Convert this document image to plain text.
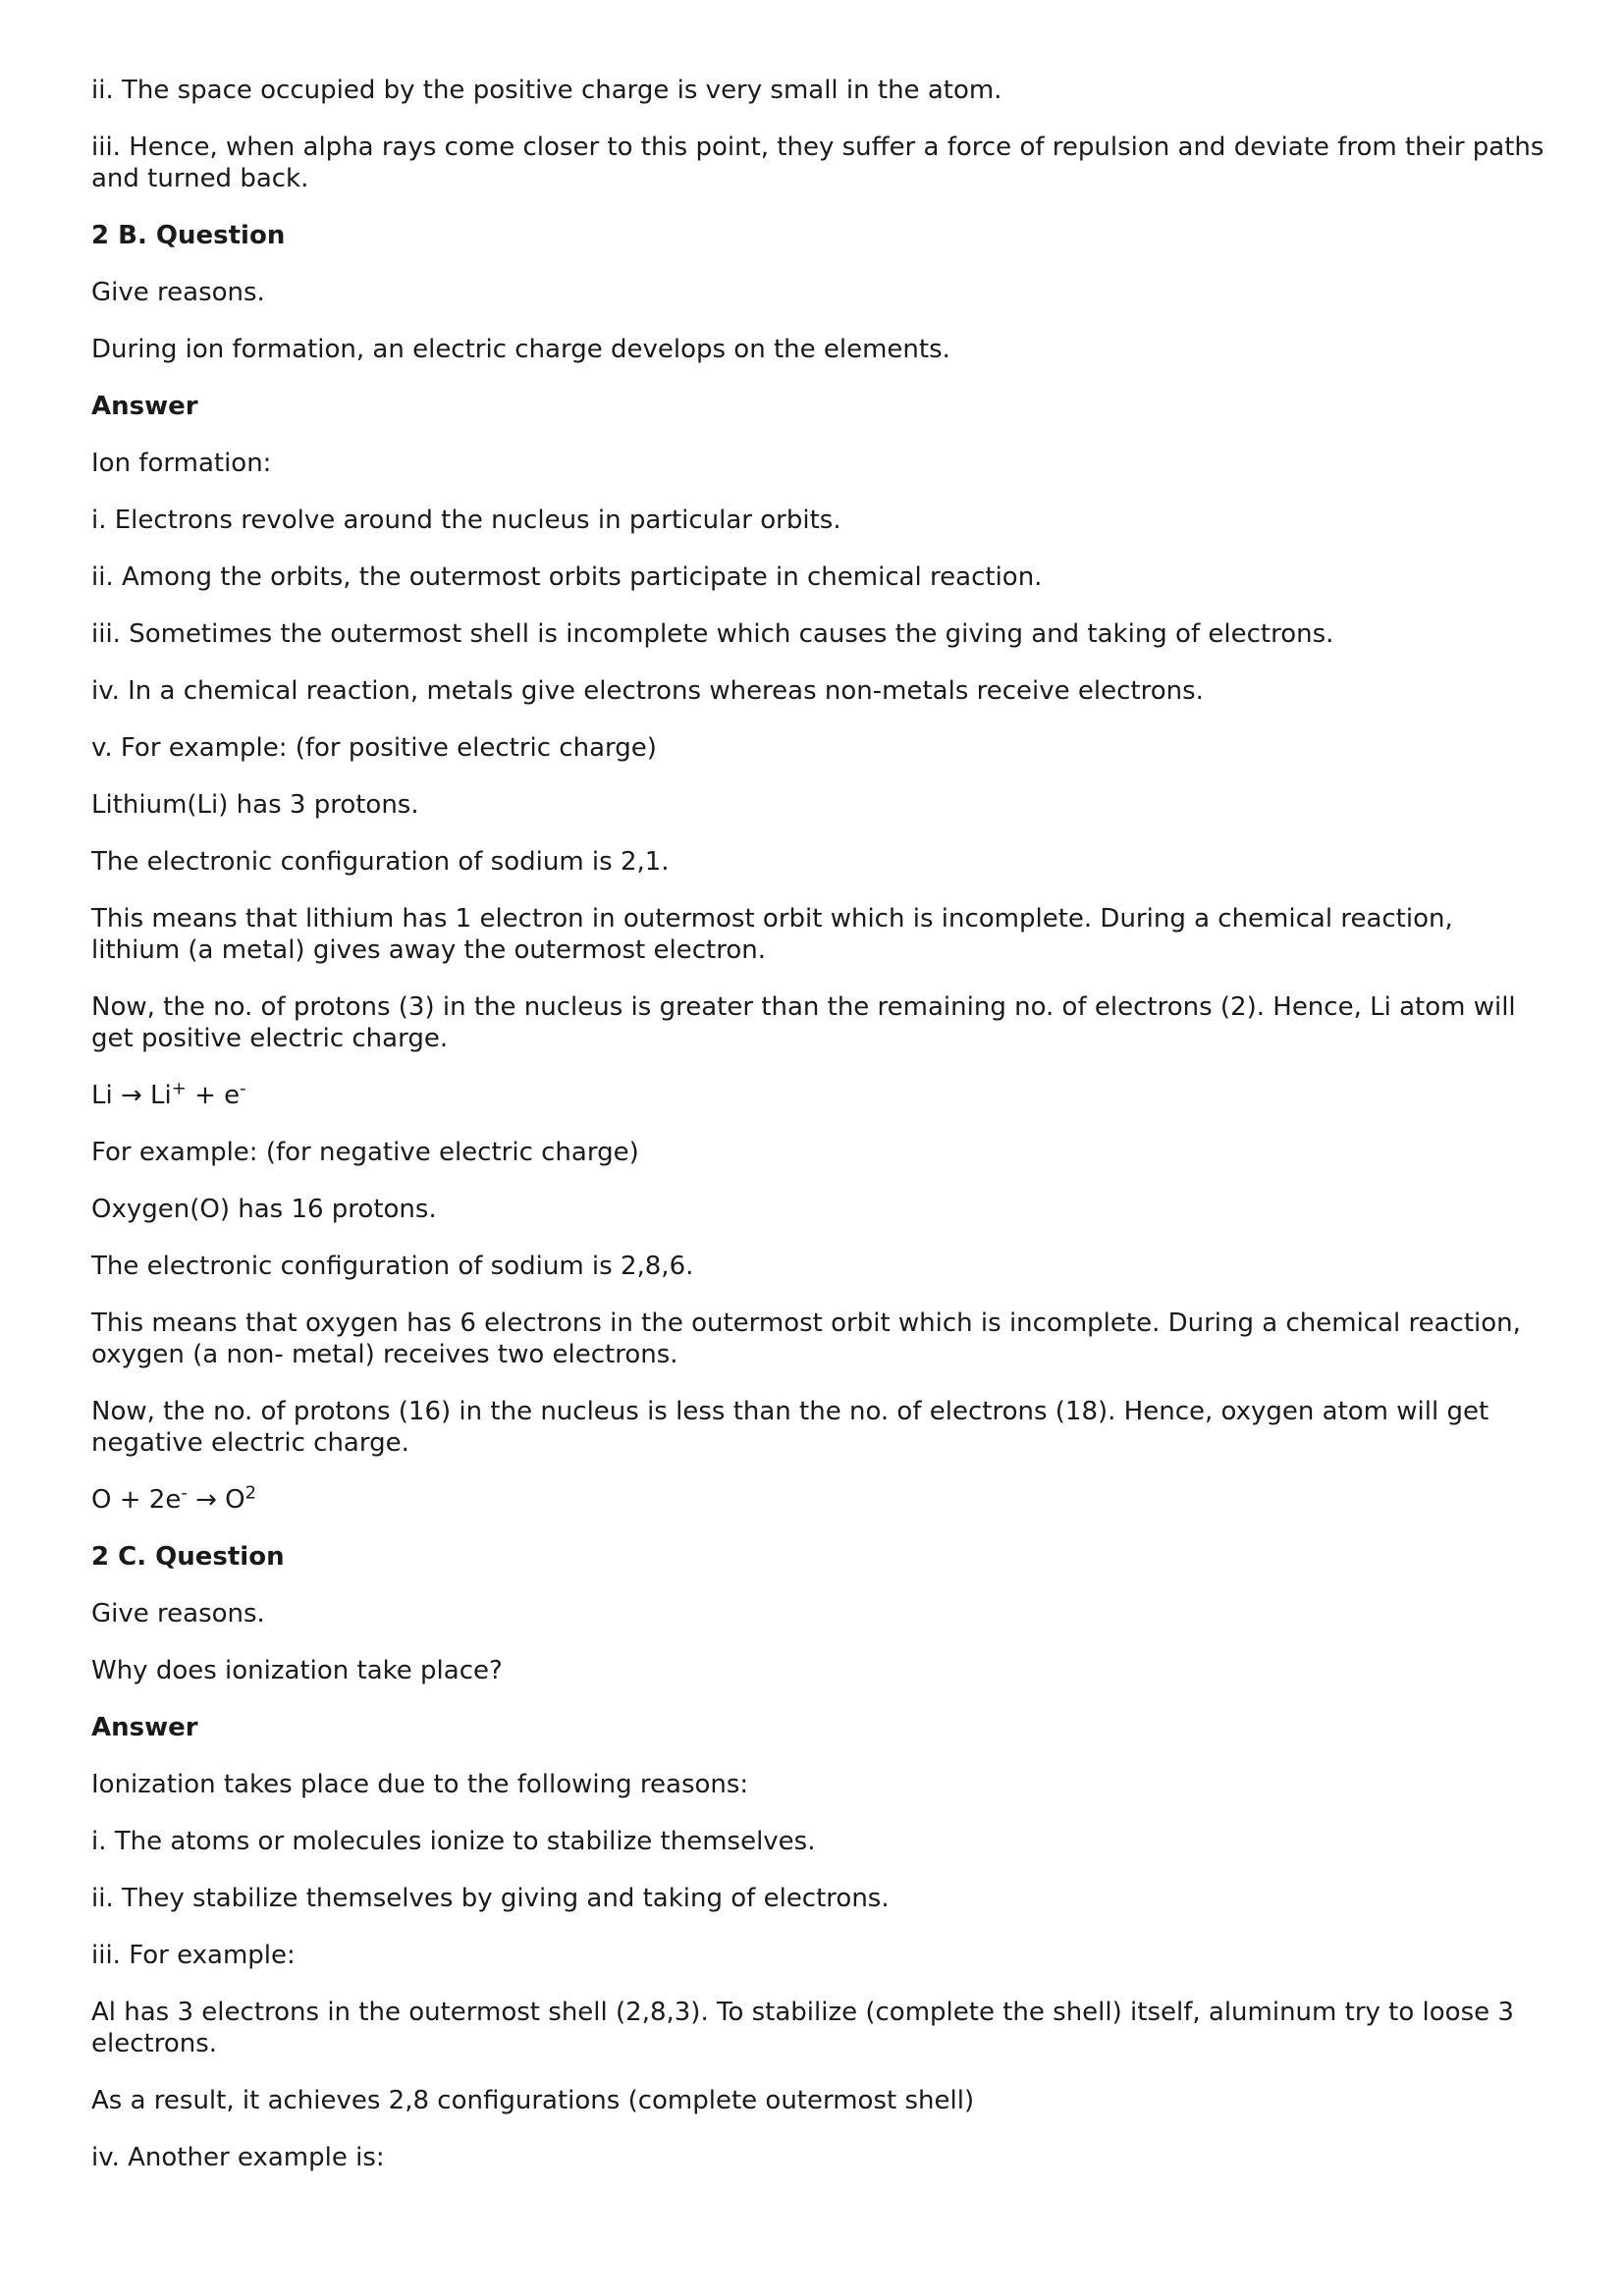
ii. The space occupied by the positive charge is very small in the atom.

iii. Hence, when alpha rays come closer to this point, they suffer a force of repulsion and deviate from their paths and turned back.

2 B. Question

Give reasons.

During ion formation, an electric charge develops on the elements.

Answer

Ion formation:

i. Electrons revolve around the nucleus in particular orbits.

ii. Among the orbits, the outermost orbits participate in chemical reaction.

iii. Sometimes the outermost shell is incomplete which causes the giving and taking of electrons.

iv. In a chemical reaction, metals give electrons whereas non-metals receive electrons.

v. For example: (for positive electric charge)

Lithium(Li) has 3 protons.

The electronic configuration of sodium is 2,1.

This means that lithium has 1 electron in outermost orbit which is incomplete. During a chemical reaction, lithium (a metal) gives away the outermost electron.

Now, the no. of protons (3) in the nucleus is greater than the remaining no. of electrons (2). Hence, Li atom will get positive electric charge.

Li → Li+ + e-

For example: (for negative electric charge)

Oxygen(O) has 16 protons.

The electronic configuration of sodium is 2,8,6.

This means that oxygen has 6 electrons in the outermost orbit which is incomplete. During a chemical reaction, oxygen (a non- metal) receives two electrons.

Now, the no. of protons (16) in the nucleus is less than the no. of electrons (18). Hence, oxygen atom will get negative electric charge.

$O + 2e^- \to O^2$

2 C. Question

Give reasons.

Why does ionization take place?

Answer

Ionization takes place due to the following reasons:

i. The atoms or molecules ionize to stabilize themselves.

ii. They stabilize themselves by giving and taking of electrons.

iii. For example:

Al has 3 electrons in the outermost shell (2,8,3). To stabilize (complete the shell) itself, aluminum try to loose 3 electrons.

As a result, it achieves 2,8 configurations (complete outermost shell)

iv. Another example is:
